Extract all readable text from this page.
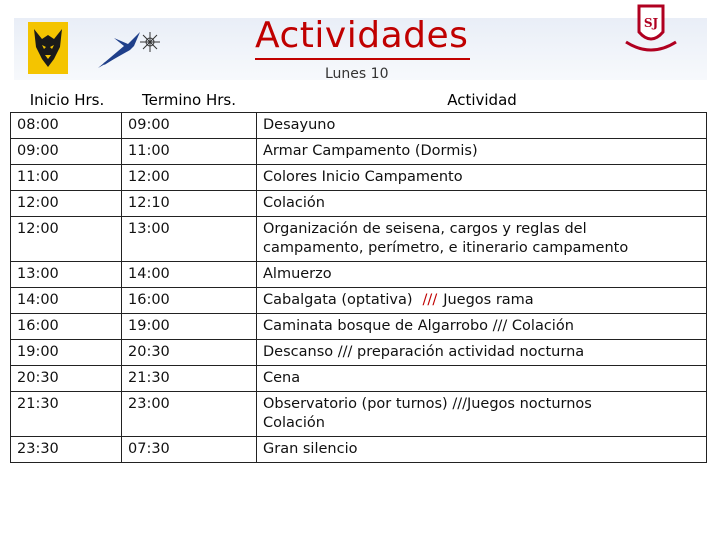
SJ
Actividades
Lunes 10
Inicio Hrs.	Termino Hrs.	Actividad
08:00	09:00	Desayuno
09:00	11:00	Armar Campamento (Dormis)
11:00	12:00	Colores Inicio Campamento
12:00	12:10	Colación
12:00	13:00	Organización de seisena, cargos y reglas del
campamento, perímetro, e itinerario campamento
13:00	14:00	Almuerzo
14:00	16:00	Cabalgata (optativa) /// Juegos rama
16:00	19:00	Caminata bosque de Algarrobo /// Colación
19:00	20:30	Descanso /// preparación actividad nocturna
20:30	21:30	Cena
21:30	23:00	Observatorio (por turnos) ///Juegos nocturnos
Colación
23:30	07:30	Gran silencio
